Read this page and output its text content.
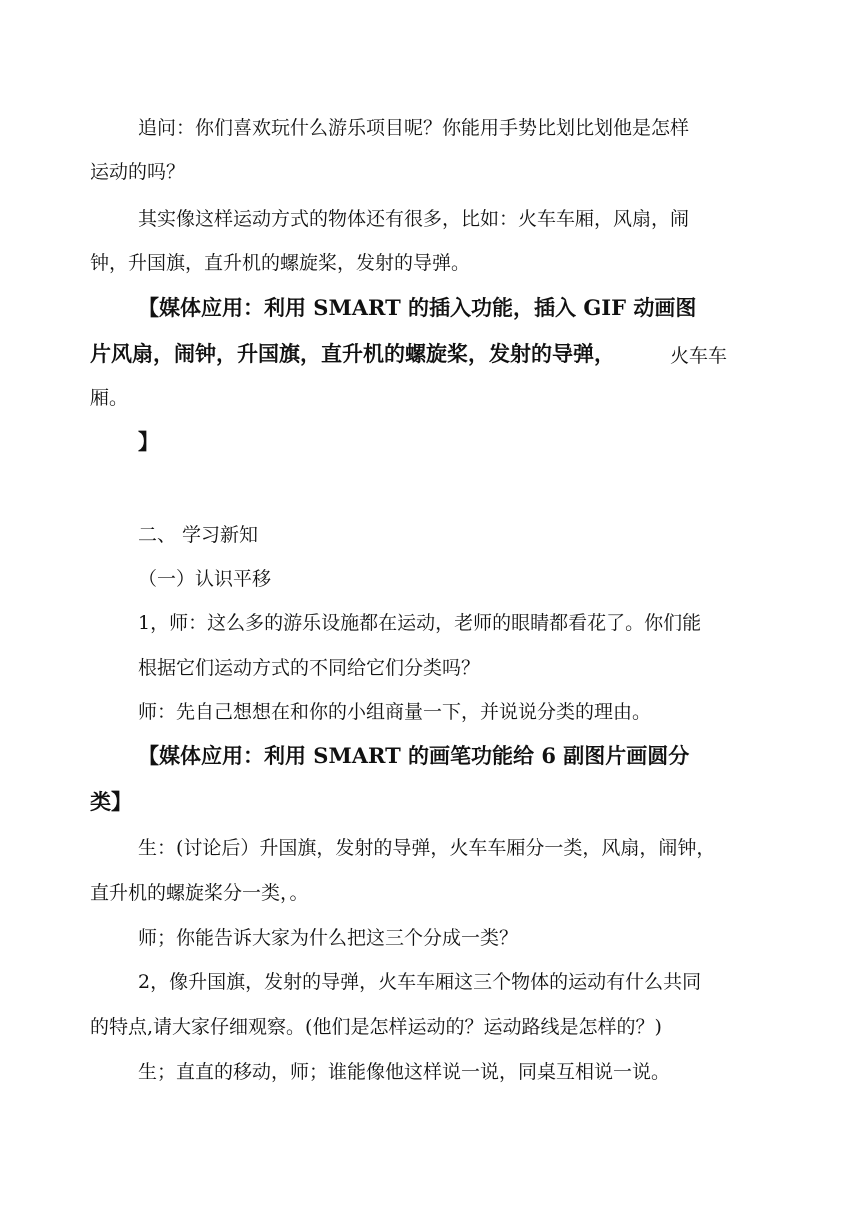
追问：你们喜欢玩什么游乐项目呢？你能用手势比划比划他是怎样
运动的吗？
其实像这样运动方式的物体还有很多，比如：火车车厢，风扇，闹
钟，升国旗，直升机的螺旋桨，发射的导弹。
【媒体应用：利用 SMART 的插入功能，插入 GIF 动画图
片风扇，闹钟，升国旗，直升机的螺旋桨，发射的导弹，	火车车
厢。
】
二、 学习新知
（一）认识平移
1，师：这么多的游乐设施都在运动，老师的眼睛都看花了。你们能
根据它们运动方式的不同给它们分类吗？
师：先自己想想在和你的小组商量一下，并说说分类的理由。
【媒体应用：利用 SMART 的画笔功能给 6 副图片画圆分
类】
生：(讨论后）升国旗，发射的导弹，火车车厢分一类，风扇，闹钟，
直升机的螺旋桨分一类，。
师；你能告诉大家为什么把这三个分成一类？
2，像升国旗，发射的导弹，火车车厢这三个物体的运动有什么共同
的特点,请大家仔细观察。(他们是怎样运动的？运动路线是怎样的？)
生；直直的移动，师；谁能像他这样说一说，同桌互相说一说。
